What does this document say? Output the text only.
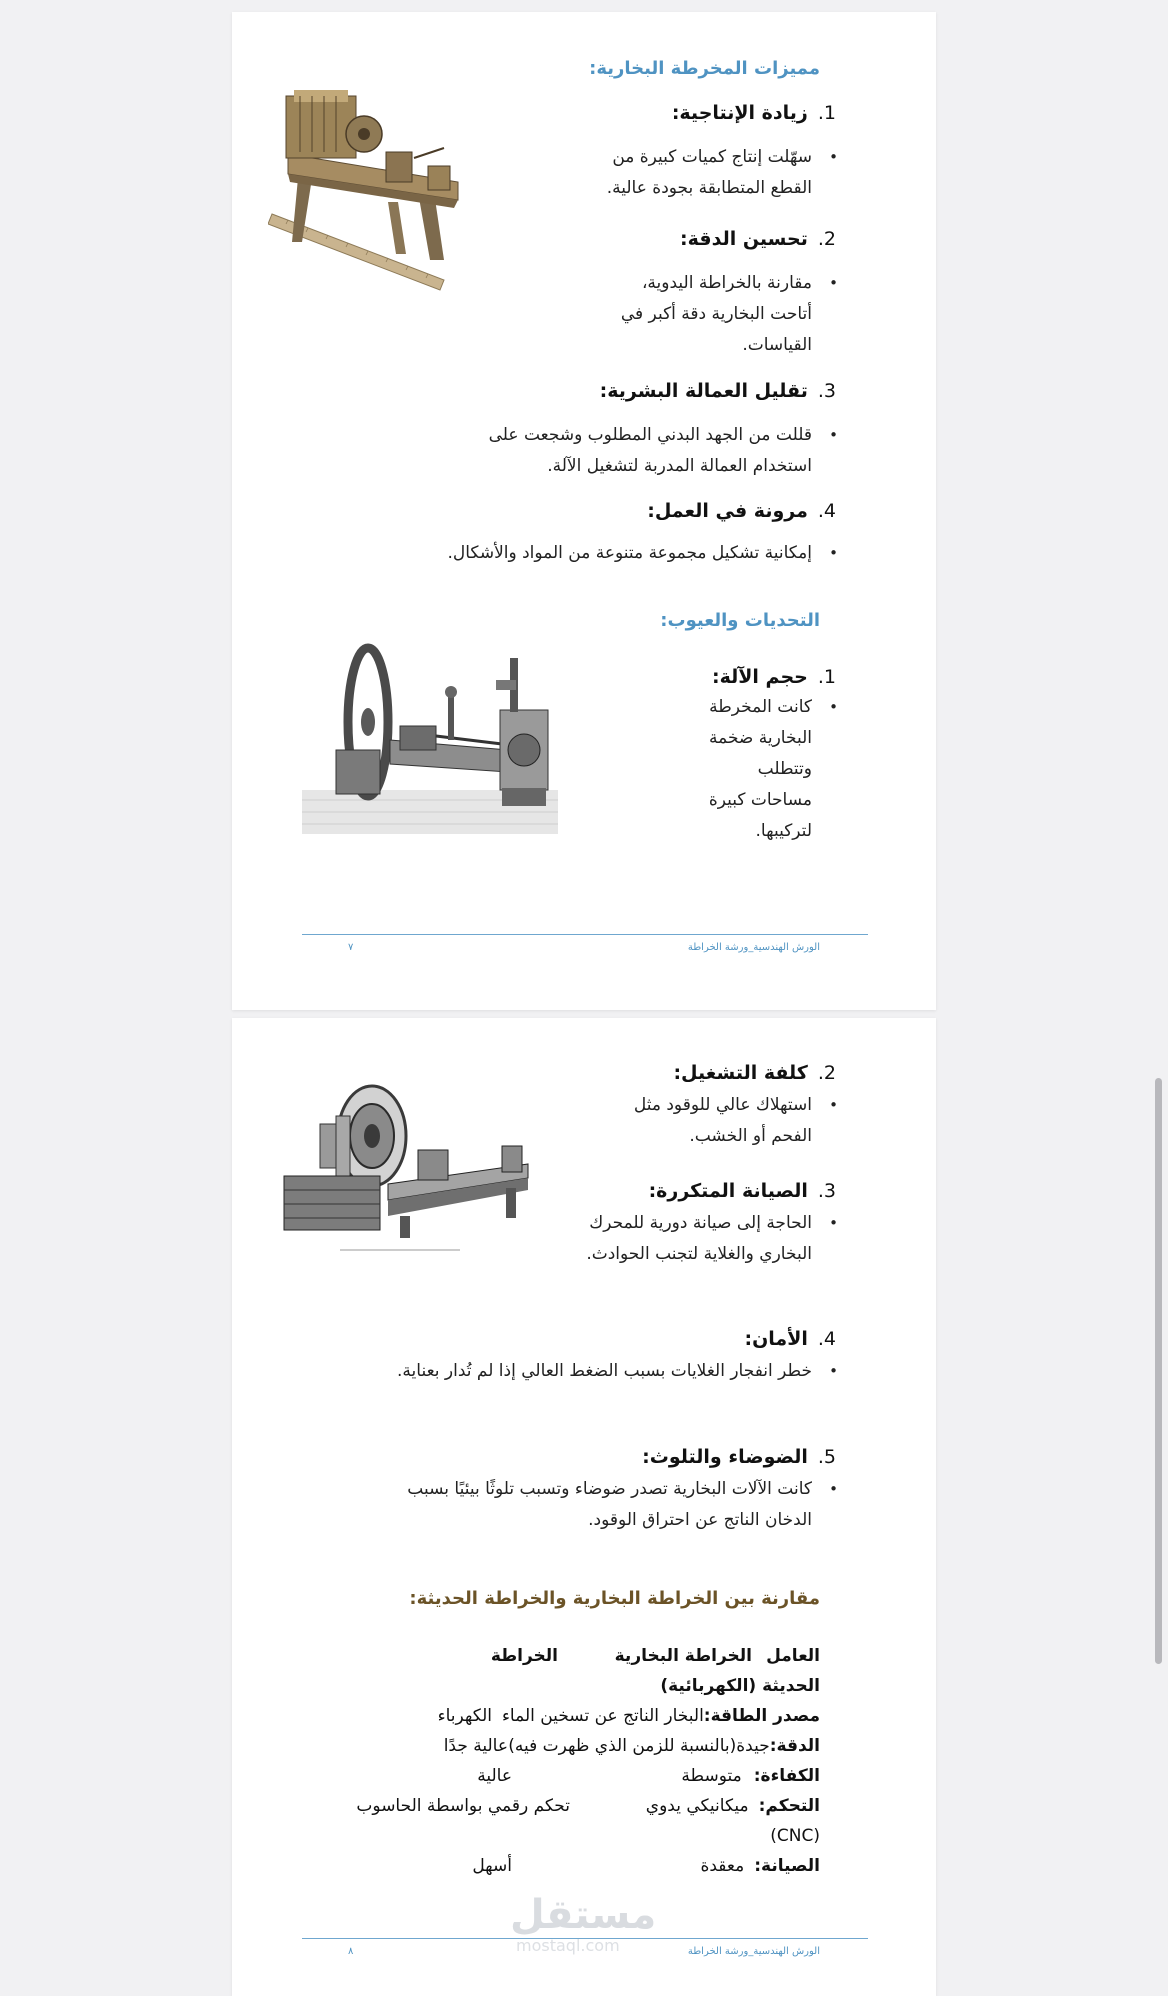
مميزات المخرطة البخارية:
1.زيادة الإنتاجية:
• سهّلت إنتاج كميات كبيرة من القطع المتطابقة بجودة عالية.
2.تحسين الدقة:
• مقارنة بالخراطة اليدوية، أتاحت البخارية دقة أكبر في القياسات.
3.تقليل العمالة البشرية:
• قللت من الجهد البدني المطلوب وشجعت على استخدام العمالة المدربة لتشغيل الآلة.
4.مرونة في العمل:
• إمكانية تشكيل مجموعة متنوعة من المواد والأشكال.
التحديات والعيوب:
1.حجم الآلة:
• كانت المخرطة البخارية ضخمة وتتطلب مساحات كبيرة لتركيبها.
الورش الهندسية_ورشة الخراطة
٧
2.كلفة التشغيل:
• استهلاك عالي للوقود مثل الفحم أو الخشب.
3.الصيانة المتكررة:
• الحاجة إلى صيانة دورية للمحرك البخاري والغلاية لتجنب الحوادث.
4.الأمان:
• خطر انفجار الغلايات بسبب الضغط العالي إذا لم تُدار بعناية.
5.الضوضاء والتلوث:
• كانت الآلات البخارية تصدر ضوضاء وتسبب تلوثًا بيئيًا بسبب الدخان الناتج عن احتراق الوقود.
مقارنة بين الخراطة البخارية والخراطة الحديثة:
العامل
الخراطة البخارية
الخراطة
الحديثة (الكهربائية)
مصدر الطاقة:البخار الناتج عن تسخين الماء
الكهرباء
الدقة:جيدة(بالنسبة للزمن الذي ظهرت فيه)
عالية جدًا
الكفاءة:متوسطة
عالية
التحكم:ميكانيكي يدوي
تحكم رقمي بواسطة الحاسوب
(CNC)
الصيانة:معقدة
أسهل
الورش الهندسية_ورشة الخراطة
٨
مستقل
mostaql.com
